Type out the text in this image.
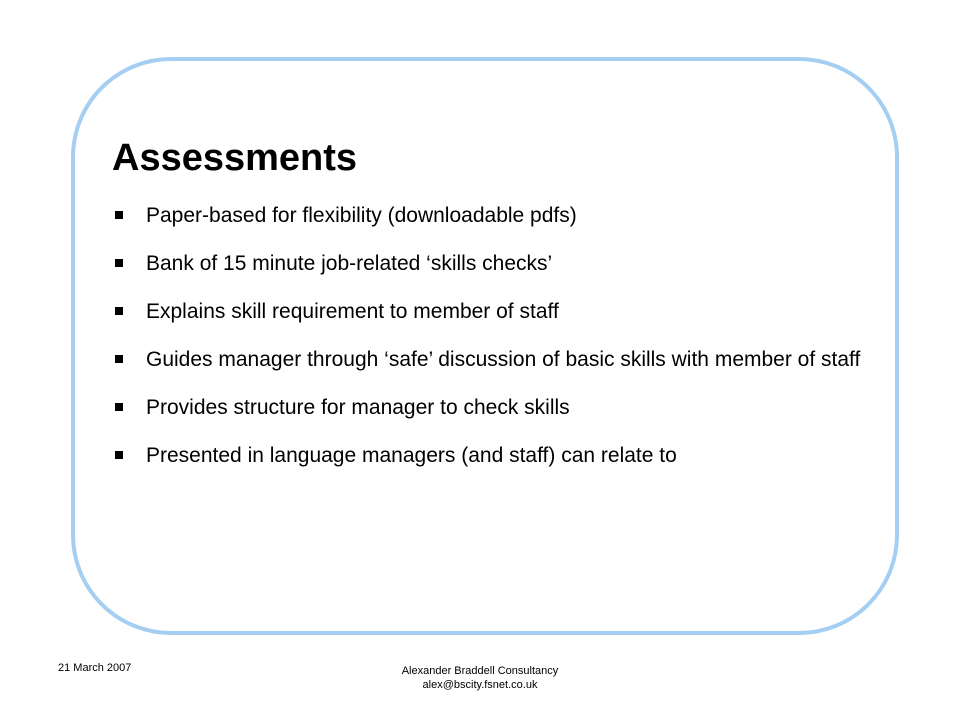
Assessments
Paper-based for flexibility (downloadable pdfs)
Bank of 15 minute job-related ‘skills checks’
Explains skill requirement to member of staff
Guides manager through ‘safe’ discussion of basic skills with member of staff
Provides structure for manager to check skills
Presented in language managers (and staff) can relate to
21 March 2007	Alexander Braddell Consultancy
alex@bscity.fsnet.co.uk
